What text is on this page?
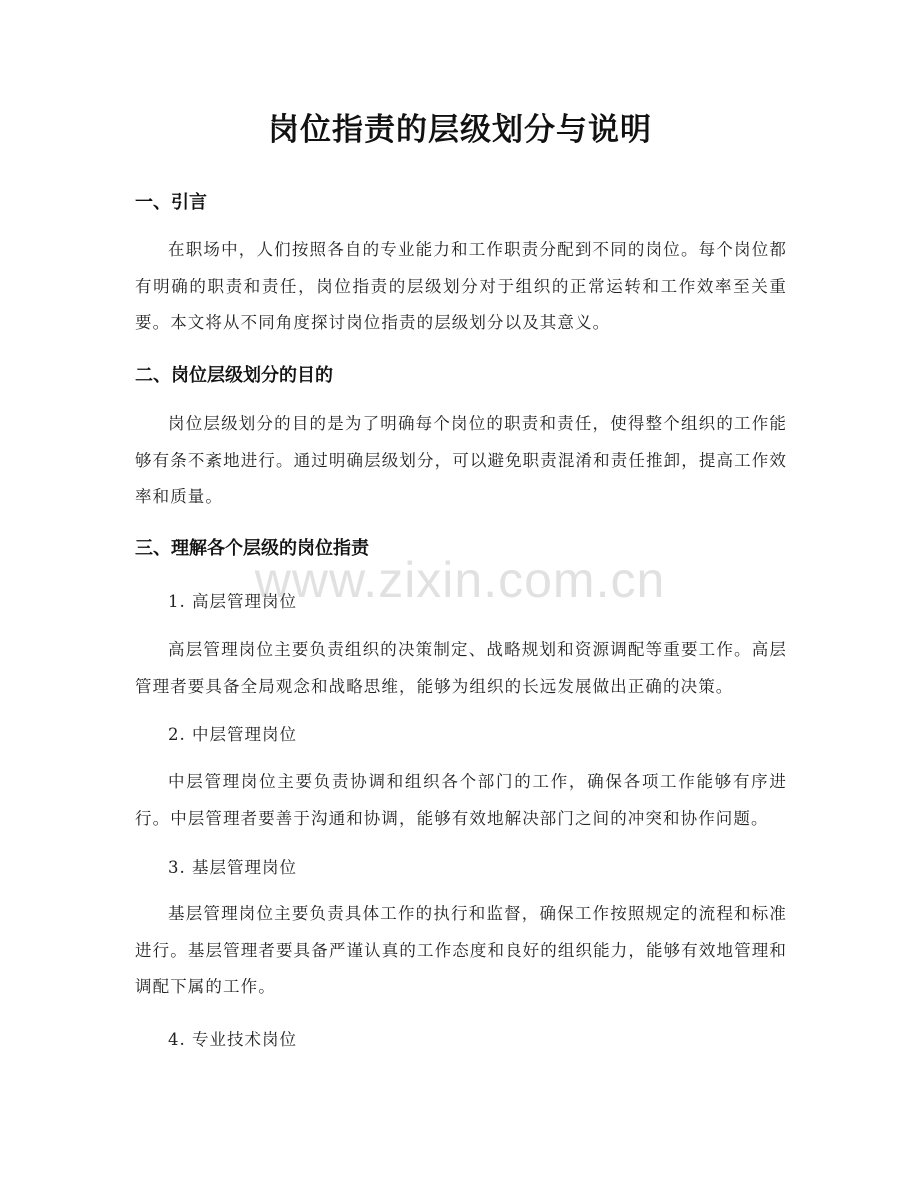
岗位指责的层级划分与说明
一、引言
在职场中，人们按照各自的专业能力和工作职责分配到不同的岗位。每个岗位都有明确的职责和责任，岗位指责的层级划分对于组织的正常运转和工作效率至关重要。本文将从不同角度探讨岗位指责的层级划分以及其意义。
二、岗位层级划分的目的
岗位层级划分的目的是为了明确每个岗位的职责和责任，使得整个组织的工作能够有条不紊地进行。通过明确层级划分，可以避免职责混淆和责任推卸，提高工作效率和质量。
三、理解各个层级的岗位指责
1. 高层管理岗位
高层管理岗位主要负责组织的决策制定、战略规划和资源调配等重要工作。高层管理者要具备全局观念和战略思维，能够为组织的长远发展做出正确的决策。
2. 中层管理岗位
中层管理岗位主要负责协调和组织各个部门的工作，确保各项工作能够有序进行。中层管理者要善于沟通和协调，能够有效地解决部门之间的冲突和协作问题。
3. 基层管理岗位
基层管理岗位主要负责具体工作的执行和监督，确保工作按照规定的流程和标准进行。基层管理者要具备严谨认真的工作态度和良好的组织能力，能够有效地管理和调配下属的工作。
4. 专业技术岗位
www.zixin.com.cn
